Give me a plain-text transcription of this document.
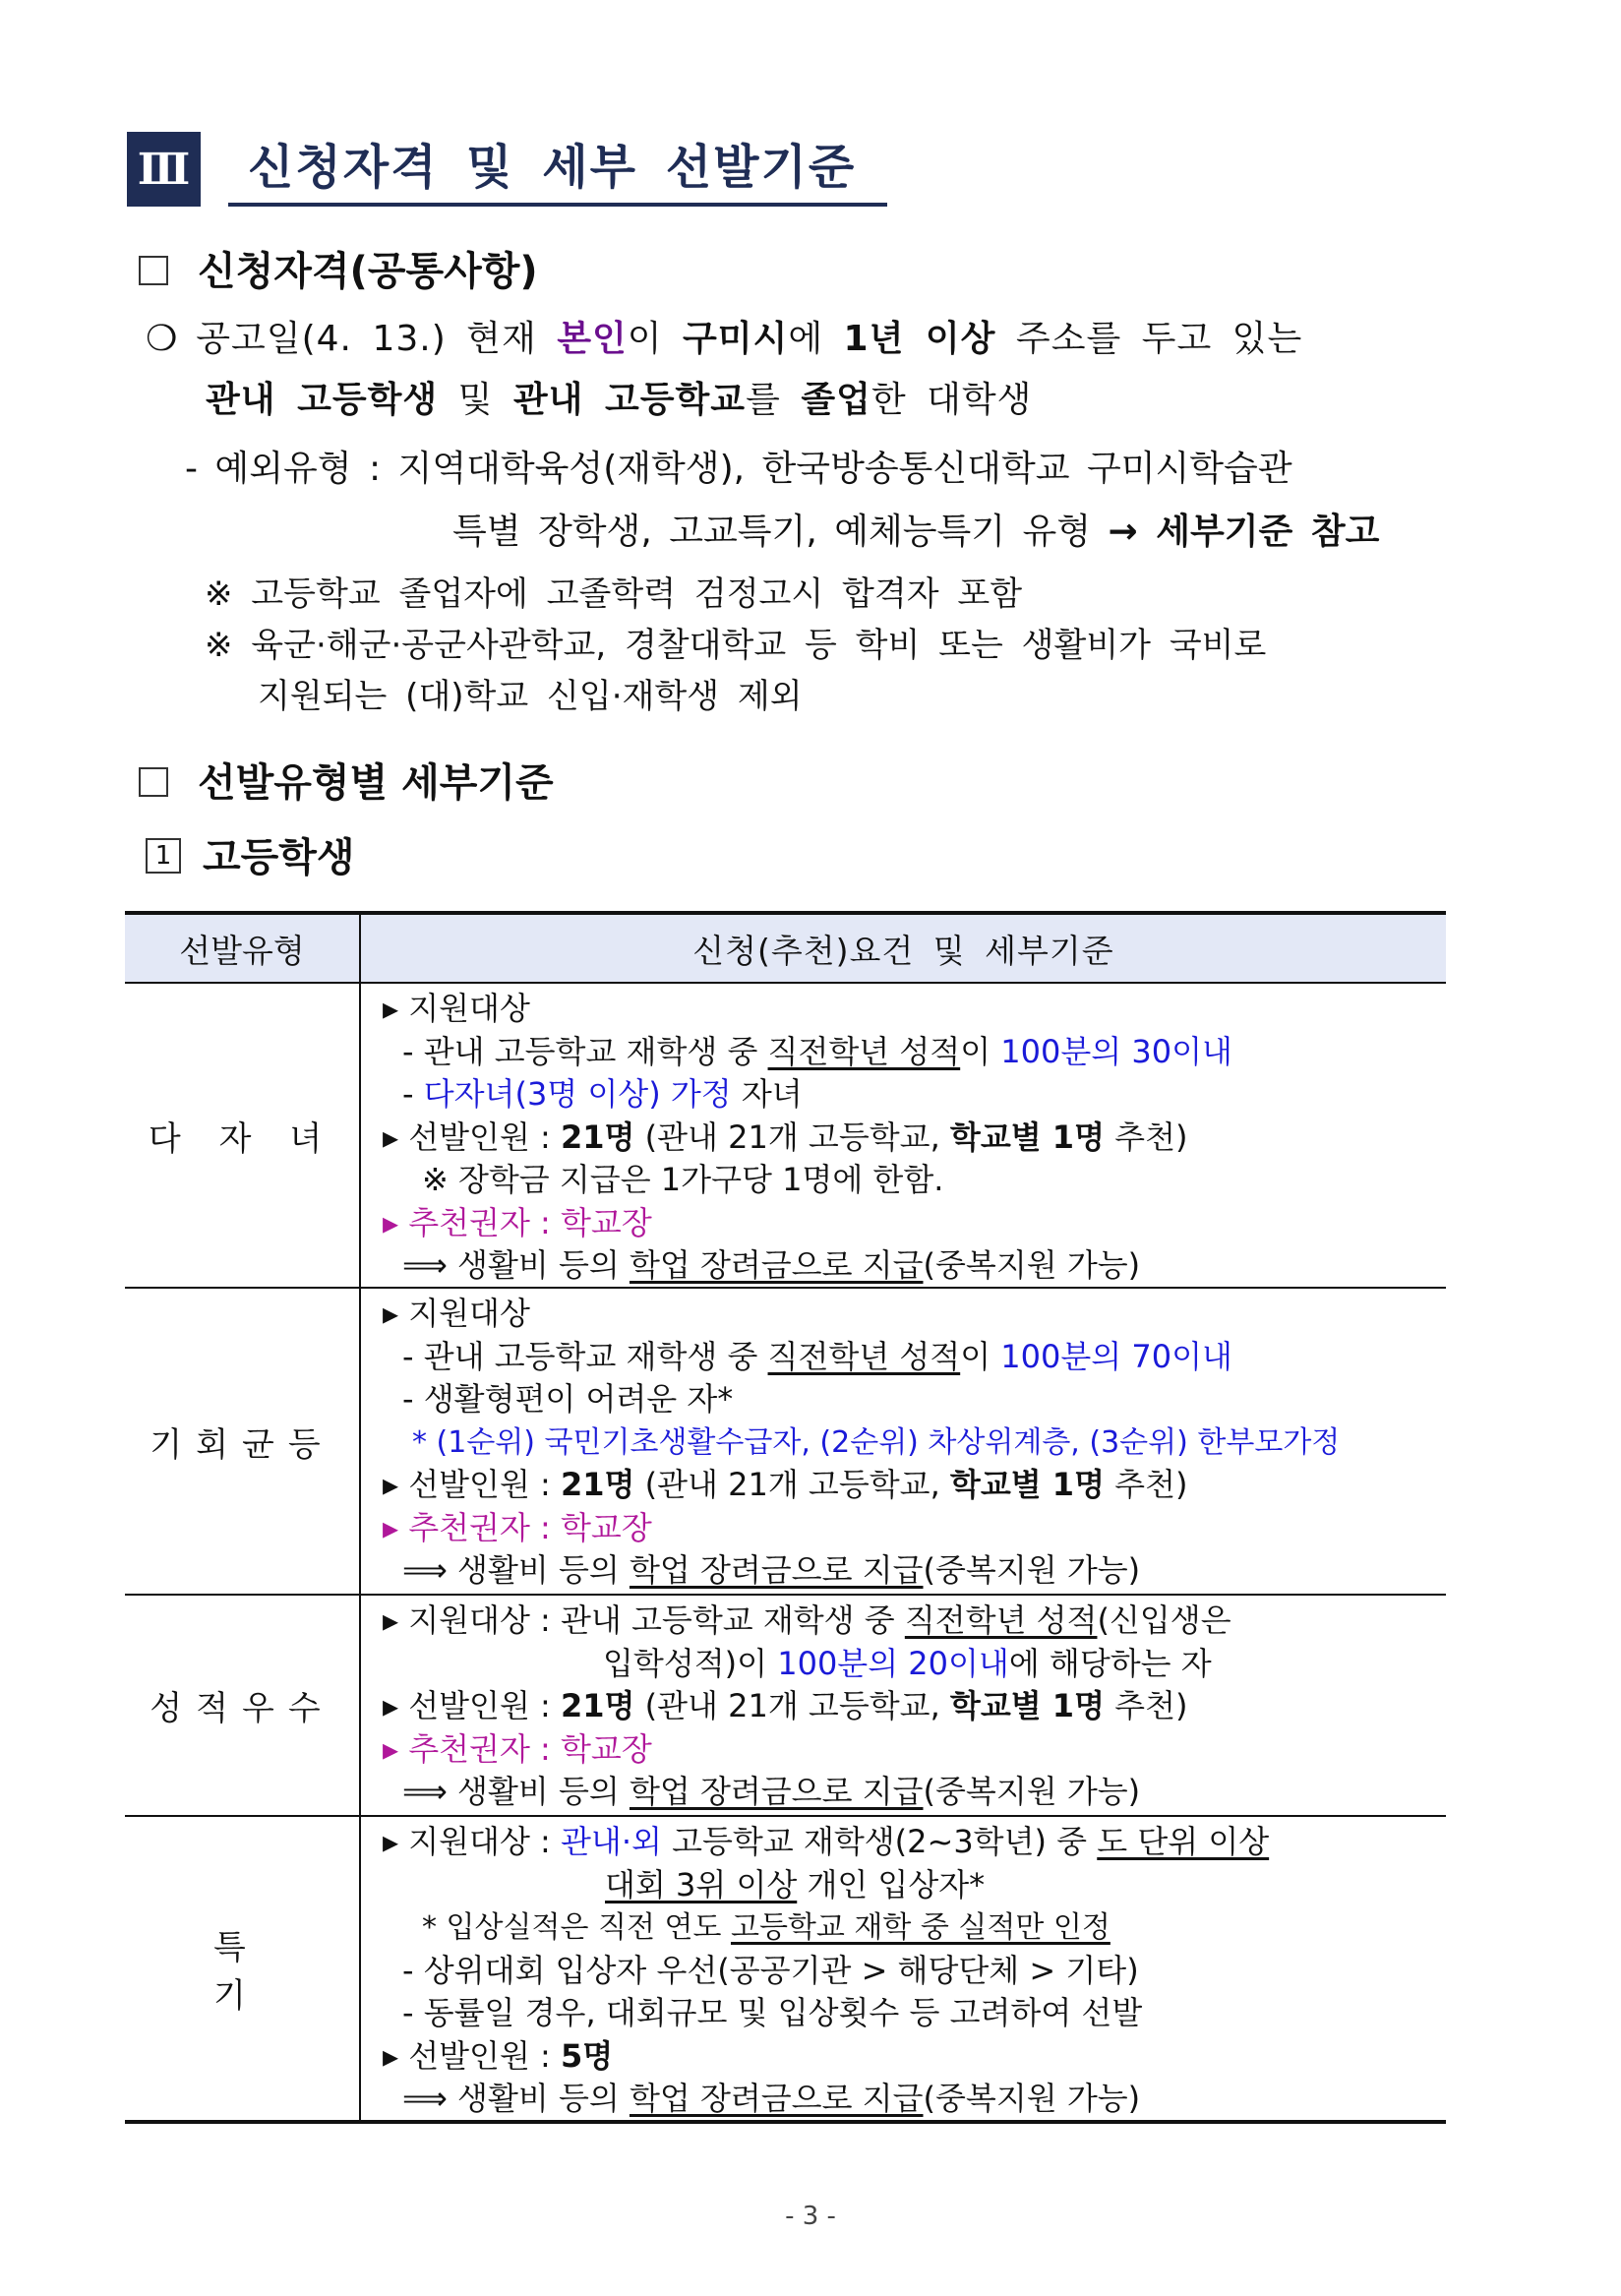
Ⅲ	신청자격 및 세부 선발기준
신청자격(공통사항)
❍ 공고일(4. 13.) 현재 본인이 구미시에 1년 이상 주소를 두고 있는
관내 고등학생 및 관내 고등학교를 졸업한 대학생
- 예외유형 : 지역대학육성(재학생), 한국방송통신대학교 구미시학습관
특별 장학생, 고교특기, 예체능특기 유형 → 세부기준 참고
※ 고등학교 졸업자에 고졸학력 검정고시 합격자 포함
※ 육군·해군·공군사관학교, 경찰대학교 등 학비 또는 생활비가 국비로
지원되는 (대)학교 신입·재학생 제외
선발유형별 세부기준
1 고등학생
선발유형	신청(추천)요건 및 세부기준
다 자 녀
▸ 지원대상
- 관내 고등학교 재학생 중 직전학년 성적이 100분의 30이내
- 다자녀(3명 이상) 가정 자녀
▸ 선발인원 : 21명 (관내 21개 고등학교, 학교별 1명 추천)
※ 장학금 지급은 1가구당 1명에 한함.
▸ 추천권자 : 학교장
⟹ 생활비 등의 학업 장려금으로 지급(중복지원 가능)
기회균등
▸ 지원대상
- 관내 고등학교 재학생 중 직전학년 성적이 100분의 70이내
- 생활형편이 어려운 자*
* (1순위) 국민기초생활수급자, (2순위) 차상위계층, (3순위) 한부모가정
▸ 선발인원 : 21명 (관내 21개 고등학교, 학교별 1명 추천)
▸ 추천권자 : 학교장
⟹ 생활비 등의 학업 장려금으로 지급(중복지원 가능)
성적우수
▸ 지원대상 : 관내 고등학교 재학생 중 직전학년 성적(신입생은
입학성적)이 100분의 20이내에 해당하는 자
▸ 선발인원 : 21명 (관내 21개 고등학교, 학교별 1명 추천)
▸ 추천권자 : 학교장
⟹ 생활비 등의 학업 장려금으로 지급(중복지원 가능)
특기
▸ 지원대상 : 관내·외 고등학교 재학생(2~3학년) 중 도 단위 이상
대회 3위 이상 개인 입상자*
* 입상실적은 직전 연도 고등학교 재학 중 실적만 인정
- 상위대회 입상자 우선(공공기관 > 해당단체 > 기타)
- 동률일 경우, 대회규모 및 입상횟수 등 고려하여 선발
▸ 선발인원 : 5명
⟹ 생활비 등의 학업 장려금으로 지급(중복지원 가능)
- 3 -
